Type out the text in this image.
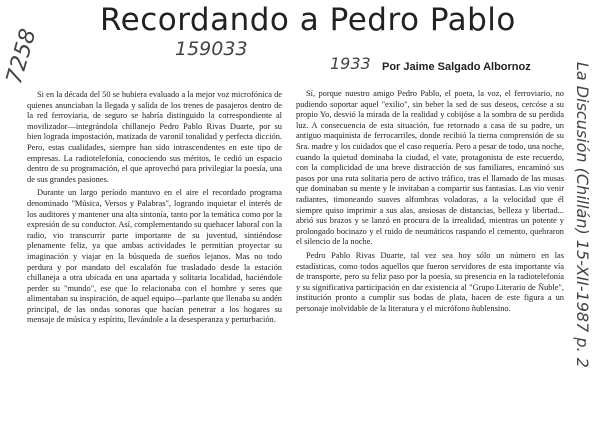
Recordando a Pedro Pablo
Por Jaime Salgado Albornoz
7258	159033
1933	La Discusión (Chillán) 15-XII-1987 p. 2

Si en la década del 50 se hubiera evaluado a la mejor voz microfónica de quienes anunciaban la llegada y salida de los trenes de pasajeros dentro de la red ferroviaria, de seguro se habría distinguido la correspondiente al movilizador—integrándola chillanejo Pedro Pablo Rivas Duarte, por su bien lograda impostación, matizada de varonil tonalidad y perfecta dicción. Pero, estas cualidades, siempre han sido intrascendentes en este tipo de empresas. La radiotelefonía, conociendo sus méritos, le cedió un espacio dentro de su programación, el que aprovechó para privilegiar la poesía, una de sus grandes pasiones.

Durante un largo período mantuvo en el aire el recordado programa denominado "Música, Versos y Palabras", logrando inquietar el interés de los auditores y mantener una alta sintonía, tanto por la temática como por la expresión de su conductor. Así, complementando su quehacer laboral con la radio, vio transcurrir parte importante de su juventud, sintiéndose plenamente feliz, ya que ambas actividades le permitían proyectar su imaginación y viajar en la búsqueda de sueños lejanos. Mas no todo perdura y por mandato del escalafón fue trasladado desde la estación chillaneja a otra ubicada en una apartada y solitaria localidad, haciéndole perder su "mundo", ese que lo relacionaba con el hombre y seres que alimentaban su inspiración, de aquel equipo—parlante que llenaba su andén principal, de las ondas sonoras que hacían penetrar a los hogares su mensaje de música y espíritu, llevándole a la desesperanza y perturbación.

Sí, porque nuestro amigo Pedro Pablo, el poeta, la voz, el ferroviario, no pudiendo soportar aquel "exilio", sin beber la sed de sus deseos, cercóse a su propio Yo, desvió la mirada de la realidad y cobijóse a la sombra de su perdida luz. A consecuencia de esta situación, fue retornado a casa de su padre, un antiguo maquinista de ferrocarriles, donde recibió la tierna comprensión de su Sra. madre y los cuidados que el caso requería. Pero a pesar de todo, una noche, cuando la quietud dominaba la ciudad, el vate, protagonista de este recuerdo, con la complicidad de una breve distracción de sus familiares, encaminó sus pasos por una ruta solitaria pero de activo tráfico, tras el llamado de las musas que dominaban su mente y le invitaban a compartir sus fantasías. Las vio venir radiantes, timoneando suaves alfombras voladoras, a la velocidad que él siempre quiso imprimir a sus alas, ansiosas de distancias, belleza y libertad... abrió sus brazos y se lanzó en procura de la irrealidad, mientras un potente y prolongado bocinazo y el ruido de neumáticos raspando el cemento, quebraron el silencio de la noche.

Pedro Pablo Rivas Duarte, tal vez sea hoy sólo un número en las estadísticas, como todos aquellos que fueron servidores de esta importante vía de transporte, pero su feliz paso por la poesía, su presencia en la radiotelefonía y su significativa participación en dar existencia al "Grupo Literario de Ñuble", institución pronto a cumplir sus bodas de plata, hacen de este figura a un personaje inolvidable de la literatura y el micrófono ñublensino.
